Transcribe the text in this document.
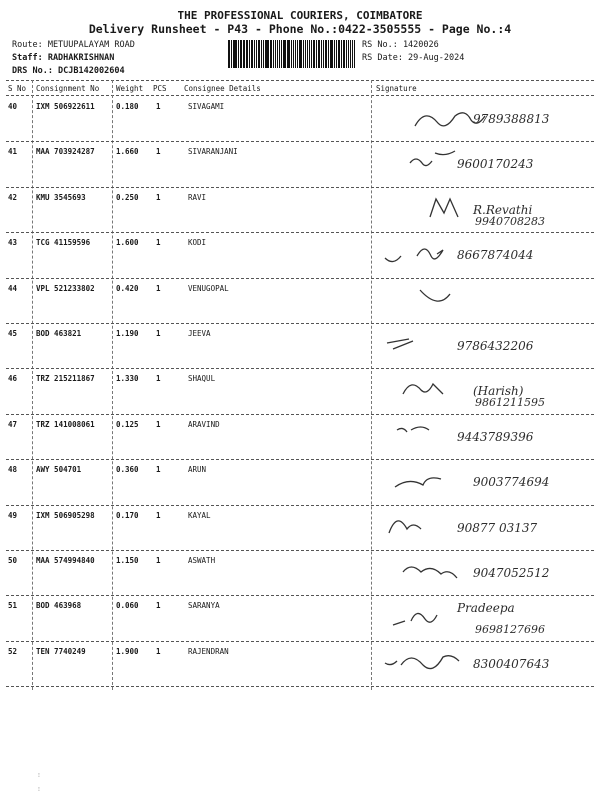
THE PROFESSIONAL COURIERS, COIMBATORE
Delivery Runsheet - P43 - Phone No.:0422-3505555 - Page No.:4
Route: METUUPALAYAM ROAD
Staff: RADHAKRISHNAN
DRS No.: DCJB142002604
RS No.: 1420026
RS Date: 29-Aug-2024
S No Consignment No Weight PCS Consignee Details	Signature
40	IXM 506922611	0.180 1	SIVAGAMI
9789388813
41	MAA 703924287	1.660 1	SIVARANJANI
9600170243
42	KMU 3545693	0.250 1	RAVI
R.Revathi
9940708283
43	TCG 41159596	1.600 1	KODI
8667874044
44	VPL 521233802	0.420 1	VENUGOPAL
45	BOD 463821	1.190 1	JEEVA
9786432206
46	TRZ 215211867	1.330 1	SHAQUL
(Harish)
9861211595
47	TRZ 141008061	0.125 1	ARAVIND
9443789396
48	AWY 504701	0.360 1	ARUN
9003774694
49	IXM 506905298	0.170 1	KAYAL
90877 03137
50	MAA 574994840	1.150 1	ASWATH
9047052512
51	BOD 463968	0.060 1	SARANYA	Pradeepa
9698127696
52	TEN 7740249	1.900 1	RAJENDRAN
8300407643
⁝
⁝
